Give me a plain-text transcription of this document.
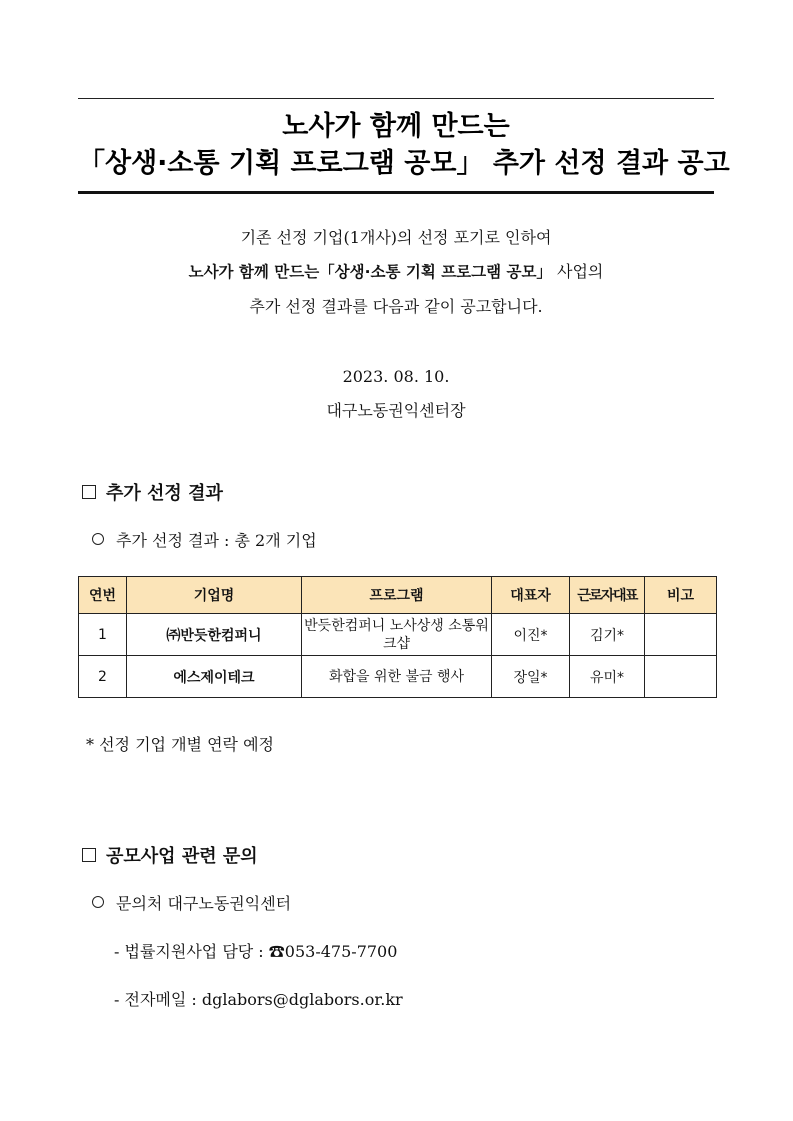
노사가 함께 만드는
「상생·소통 기획 프로그램 공모」 추가 선정 결과 공고
기존 선정 기업(1개사)의 선정 포기로 인하여
노사가 함께 만드는「상생·소통 기획 프로그램 공모」 사업의
추가 선정 결과를 다음과 같이 공고합니다.
2023. 08. 10.
대구노동권익센터장
추가 선정 결과
추가 선정 결과 : 총 2개 기업
연번	기업명	프로그램	대표자	근로자대표	비고
1	㈜반듯한컴퍼니	반듯한컴퍼니 노사상생 소통워크샵	이진*	김기*	
2	에스제이테크	화합을 위한 불금 행사	장일*	유미*	
* 선정 기업 개별 연락 예정
공모사업 관련 문의
문의처 대구노동권익센터
- 법률지원사업 담당 : ☎053-475-7700
- 전자메일 : dglabors@dglabors.or.kr
